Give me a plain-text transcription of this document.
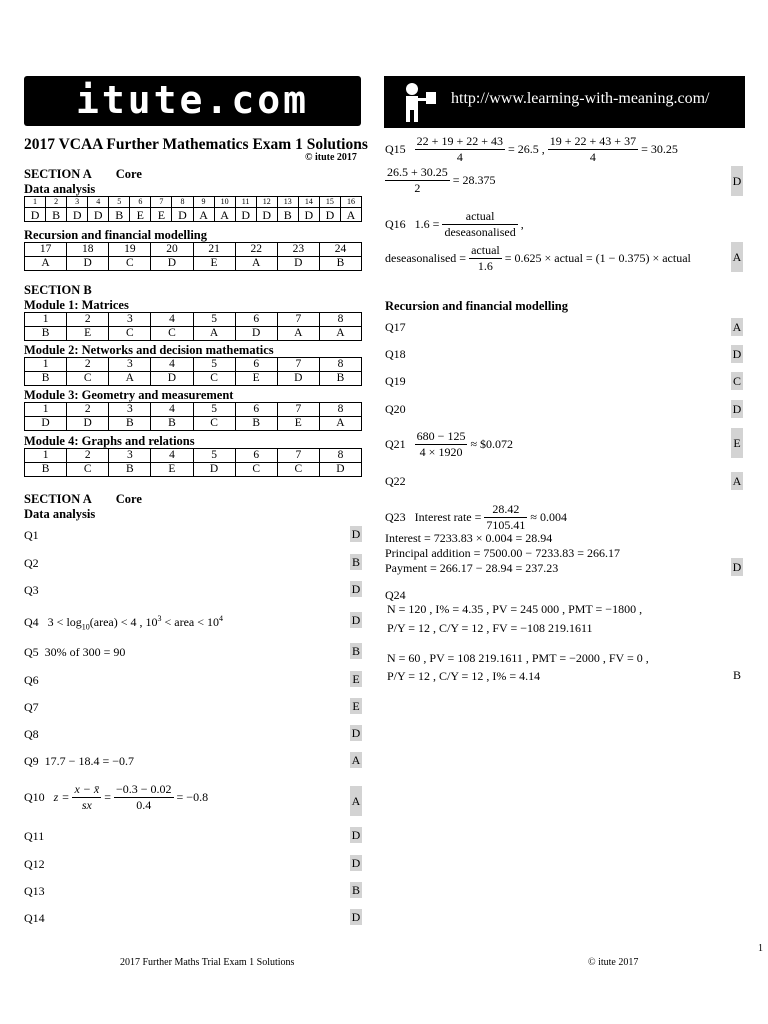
itute.com	http://www.learning-with-meaning.com/
2017 VCAA Further Mathematics Exam 1 Solutions
© itute 2017
SECTION A Core
Data analysis
1	2	3	4	5	6	7	8	9	10	11	12	13	14	15	16
D	B	D	D	B	E	E	D	A	A	D	D	B	D	D	A
Recursion and financial modelling
17	18	19	20	21	22	23	24
A	D	C	D	E	A	D	B
SECTION B
Module 1: Matrices
1	2	3	4	5	6	7	8
B	E	C	C	A	D	A	A
Module 2: Networks and decision mathematics
1	2	3	4	5	6	7	8
B	C	A	D	C	E	D	B
Module 3: Geometry and measurement
1	2	3	4	5	6	7	8
D	D	B	B	C	B	E	A
Module 4: Graphs and relations
1	2	3	4	5	6	7	8
B	C	B	E	D	C	C	D
SECTION A Core
Data analysis
Q1	D
Q2	B
Q3	D
Q4 $3 < \log_{10}(area) < 4$ , $10^3$ < area < $10^4$	D
Q5 30% of 300 = 90	B
Q6	E
Q7	E
Q8	D
Q9 17.7 − 18.4 = −0.7	A
Q10 $z = \frac{x - x̄}{sx} = \frac{-0.3 - 0.02}{0.4} = -0.8$	A
Q11	D
Q12	D
Q13	B
Q14	D
$Q15 \frac{22 + 19 + 22 + 43}{4} = 26.5$ , $\frac{19 + 22 + 43 + 37}{4} = 30.25$
$\frac{26.5 + 30.25}{2} = 28.375$	D
Q16 1.6 =
actual
deseasonalised
,
deseasonalised =
actual
1.6
= 0.625 × actual = (1 − 0.375) × actual	A
Recursion and financial modelling
Q17	A
Q18	D
Q19	C
Q20	D
$Q21 \frac{680 - 125}{4 \times 1920}$ ≈ $0.072	E
Q22	A
Q23 Interest rate = $\frac{28.42}{7105.41} \approx 0.004$
Interest = 7233.83 × 0.004 = 28.94
Principal addition = 7500.00 − 7233.83 = 266.17
Payment = 266.17 − 28.94 = 237.23	D
Q24
N = 120 , I% = 4.35 , PV = 245 000 , PMT = −1800 ,
P/Y = 12 , C/Y = 12 , FV = −108 219.1611
N = 60 , PV = 108 219.1611 , PMT = −2000 , FV = 0 ,
P/Y = 12 , C/Y = 12 , I% = 4.14	B
1
2017 Further Maths Trial Exam 1 Solutions	© itute 2017
